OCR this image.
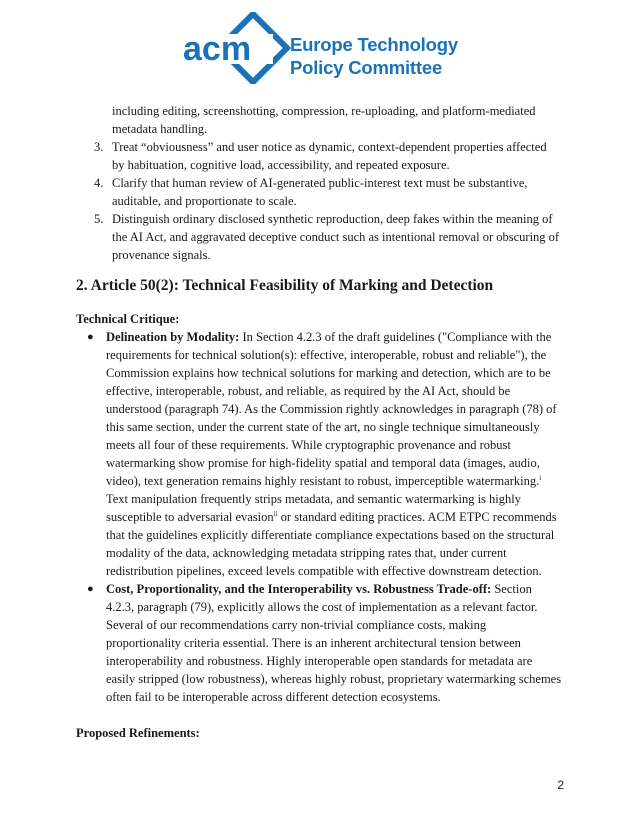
acm Europe Technology
Policy Committee

including editing, screenshotting, compression, re-uploading, and platform-mediated

metadata handling.

3. Treat “obviousness” and user notice as dynamic, context-dependent properties affected

by habituation, cognitive load, accessibility, and repeated exposure.

4. Clarify that human review of AI-generated public-interest text must be substantive,

auditable, and proportionate to scale.

5. Distinguish ordinary disclosed synthetic reproduction, deep fakes within the meaning of

the AI Act, and aggravated deceptive conduct such as intentional removal or obscuring of

provenance signals.

2. Article 50(2): Technical Feasibility of Marking and Detection

Technical Critique:

● Delineation by Modality: In Section 4.2.3 of the draft guidelines ("Compliance with the

requirements for technical solution(s): effective, interoperable, robust and reliable"), the

Commission explains how technical solutions for marking and detection, which are to be

effective, interoperable, robust, and reliable, as required by the AI Act, should be

understood (paragraph 74). As the Commission rightly acknowledges in paragraph (78) of

this same section, under the current state of the art, no single technique simultaneously

meets all four of these requirements. While cryptographic provenance and robust

watermarking show promise for high-fidelity spatial and temporal data (images, audio,

video), text generation remains highly resistant to robust, imperceptible watermarking.$^i$

Text manipulation frequently strips metadata, and semantic watermarking is highly

susceptible to adversarial evasion$^{ii}$ or standard editing practices. ACM ETPC recommends

that the guidelines explicitly differentiate compliance expectations based on the structural

modality of the data, acknowledging metadata stripping rates that, under current

redistribution pipelines, exceed levels compatible with effective downstream detection.

● Cost, Proportionality, and the Interoperability vs. Robustness Trade-off: Section

4.2.3, paragraph (79), explicitly allows the cost of implementation as a relevant factor.

Several of our recommendations carry non-trivial compliance costs, making

proportionality criteria essential. There is an inherent architectural tension between

interoperability and robustness. Highly interoperable open standards for metadata are

easily stripped (low robustness), whereas highly robust, proprietary watermarking schemes

often fail to be interoperable across different detection ecosystems.

Proposed Refinements:

2
